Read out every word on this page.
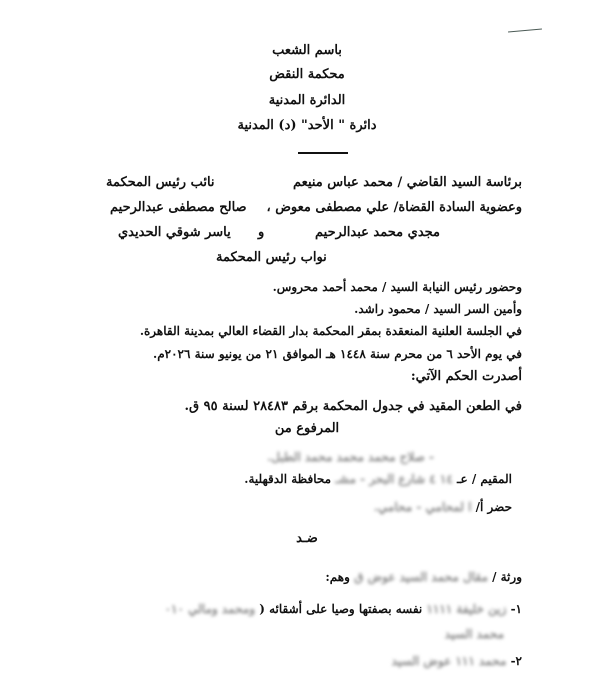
باسم الشعب
محكمة النقض
الدائرة المدنية
دائرة " الأحد" (د) المدنية
برئاسة السيد القاضي / محمد عباس منيعم
نائب رئيس المحكمة
وعضوية السادة القضاة/ علي مصطفى معوض ،
صالح مصطفى عبدالرحيم
مجدي محمد عبدالرحيم
و
ياسر شوقي الحديدي
نواب رئيس المحكمة
وحضور رئيس النيابة السيد / محمد أحمد محروس.
وأمين السر السيد / محمود راشد.
في الجلسة العلنية المنعقدة بمقر المحكمة بدار القضاء العالي بمدينة القاهرة.
في يوم الأحد ٦ من محرم سنة ١٤٤٨ هـ الموافق ٢١ من يونيو سنة ٢٠٢٦م.
أصدرت الحكم الآتي:
في الطعن المقيد في جدول المحكمة برقم ٢٨٤٨٣ لسنة ٩٥ ق.
المرفوع من
- صلاح محمد محمد محمد الطبل.
المقيم / عـ ١٤ ٤ شارع البحر - مشـ محافظة الدقهلية.
حضر أ/ ا لمحامي - محامي.
ضـد
ورثة / مقال محمد السيد عوض ق وهم:
١- زين خليفة ١١١١ نفسه بصفتها وصيا على أشقائه ( ومحمد ومالي ٠١٠
محمد السيد
٢- محمد ١١١ عوض السيد
